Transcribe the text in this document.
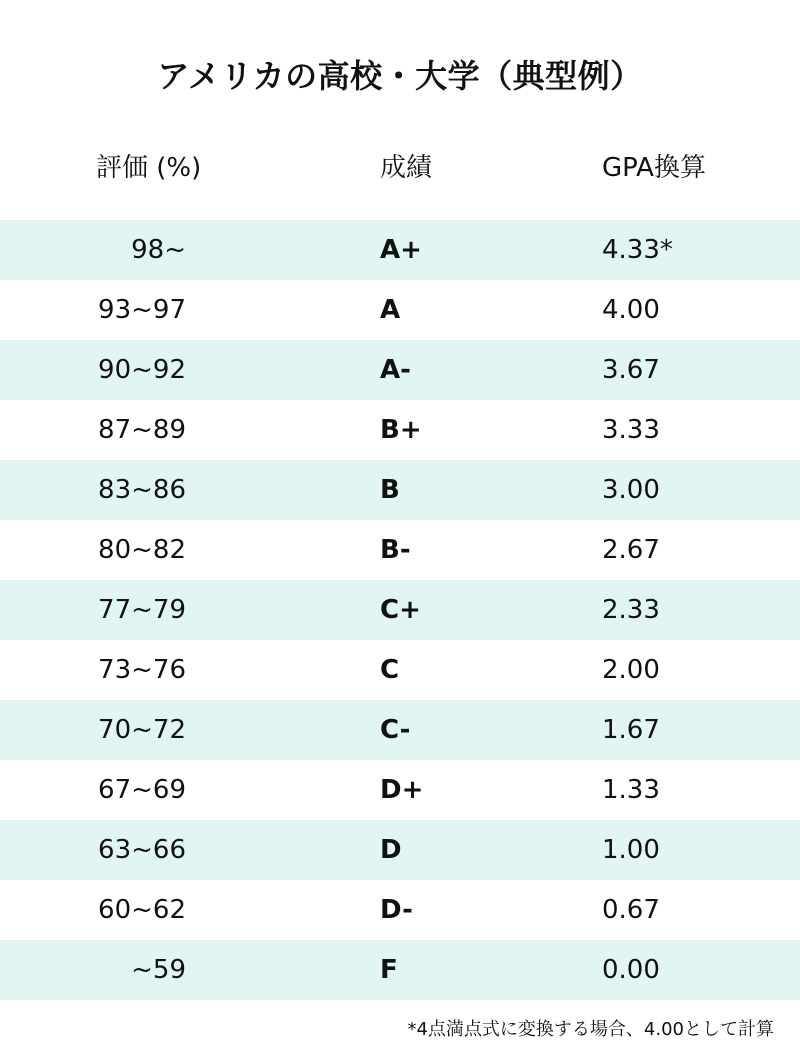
アメリカの高校・大学（典型例）
評価 (%)	成績	GPA換算
98~	A+	4.33*
93~97	A	4.00
90~92	A-	3.67
87~89	B+	3.33
83~86	B	3.00
80~82	B-	2.67
77~79	C+	2.33
73~76	C	2.00
70~72	C-	1.67
67~69	D+	1.33
63~66	D	1.00
60~62	D-	0.67
~59	F	0.00
*4点満点式に変換する場合、4.00として計算
